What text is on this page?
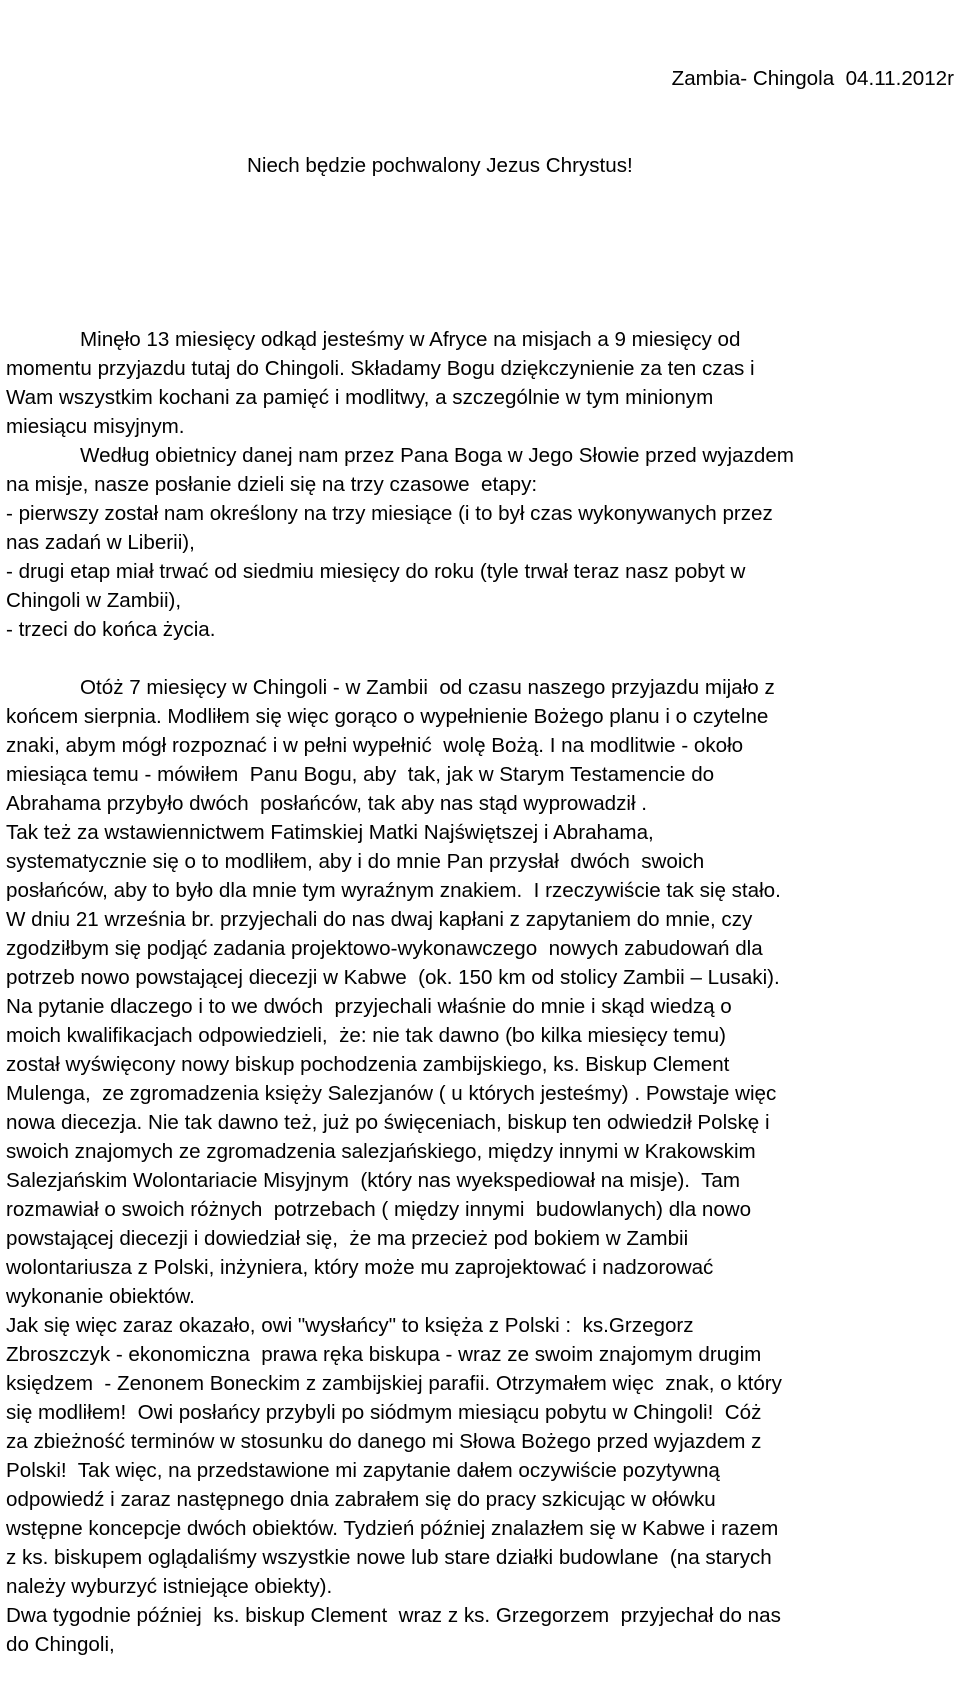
Zambia- Chingola  04.11.2012r

Niech będzie pochwalony Jezus Chrystus!

Minęło 13 miesięcy odkąd jesteśmy w Afryce na misjach a 9 miesięcy od
momentu przyjazdu tutaj do Chingoli. Składamy Bogu dziękczynienie za ten czas i
Wam wszystkim kochani za pamięć i modlitwy, a szczególnie w tym minionym
miesiącu misyjnym.
Według obietnicy danej nam przez Pana Boga w Jego Słowie przed wyjazdem
na misje, nasze posłanie dzieli się na trzy czasowe  etapy:
- pierwszy został nam określony na trzy miesiące (i to był czas wykonywanych przez
nas zadań w Liberii),
- drugi etap miał trwać od siedmiu miesięcy do roku (tyle trwał teraz nasz pobyt w
Chingoli w Zambii),
- trzeci do końca życia.
Otóż 7 miesięcy w Chingoli - w Zambii  od czasu naszego przyjazdu mijało z
końcem sierpnia. Modliłem się więc gorąco o wypełnienie Bożego planu i o czytelne
znaki, abym mógł rozpoznać i w pełni wypełnić  wolę Bożą. I na modlitwie - około
miesiąca temu - mówiłem  Panu Bogu, aby  tak, jak w Starym Testamencie do
Abrahama przybyło dwóch  posłańców, tak aby nas stąd wyprowadził .
Tak też za wstawiennictwem Fatimskiej Matki Najświętszej i Abrahama,
systematycznie się o to modliłem, aby i do mnie Pan przysłał  dwóch  swoich
posłańców, aby to było dla mnie tym wyraźnym znakiem.  I rzeczywiście tak się stało.
W dniu 21 września br. przyjechali do nas dwaj kapłani z zapytaniem do mnie, czy
zgodziłbym się podjąć zadania projektowo-wykonawczego  nowych zabudowań dla
potrzeb nowo powstającej diecezji w Kabwe  (ok. 150 km od stolicy Zambii – Lusaki).
Na pytanie dlaczego i to we dwóch  przyjechali właśnie do mnie i skąd wiedzą o
moich kwalifikacjach odpowiedzieli,  że: nie tak dawno (bo kilka miesięcy temu)
został wyświęcony nowy biskup pochodzenia zambijskiego, ks. Biskup Clement
Mulenga,  ze zgromadzenia księży Salezjanów ( u których jesteśmy) . Powstaje więc
nowa diecezja. Nie tak dawno też, już po święceniach, biskup ten odwiedził Polskę i
swoich znajomych ze zgromadzenia salezjańskiego, między innymi w Krakowskim
Salezjańskim Wolontariacie Misyjnym  (który nas wyekspediował na misje).  Tam
rozmawiał o swoich różnych  potrzebach ( między innymi  budowlanych) dla nowo
powstającej diecezji i dowiedział się,  że ma przecież pod bokiem w Zambii
wolontariusza z Polski, inżyniera, który może mu zaprojektować i nadzorować
wykonanie obiektów.
Jak się więc zaraz okazało, owi "wysłańcy" to księża z Polski :  ks.Grzegorz
Zbroszczyk - ekonomiczna  prawa ręka biskupa - wraz ze swoim znajomym drugim
księdzem  - Zenonem Boneckim z zambijskiej parafii. Otrzymałem więc  znak, o który
się modliłem!  Owi posłańcy przybyli po siódmym miesiącu pobytu w Chingoli!  Cóż
za zbieżność terminów w stosunku do danego mi Słowa Bożego przed wyjazdem z
Polski!  Tak więc, na przedstawione mi zapytanie dałem oczywiście pozytywną
odpowiedź i zaraz następnego dnia zabrałem się do pracy szkicując w ołówku
wstępne koncepcje dwóch obiektów. Tydzień później znalazłem się w Kabwe i razem
z ks. biskupem oglądaliśmy wszystkie nowe lub stare działki budowlane  (na starych
należy wyburzyć istniejące obiekty).
Dwa tygodnie później  ks. biskup Clement  wraz z ks. Grzegorzem  przyjechał do nas
do Chingoli,
